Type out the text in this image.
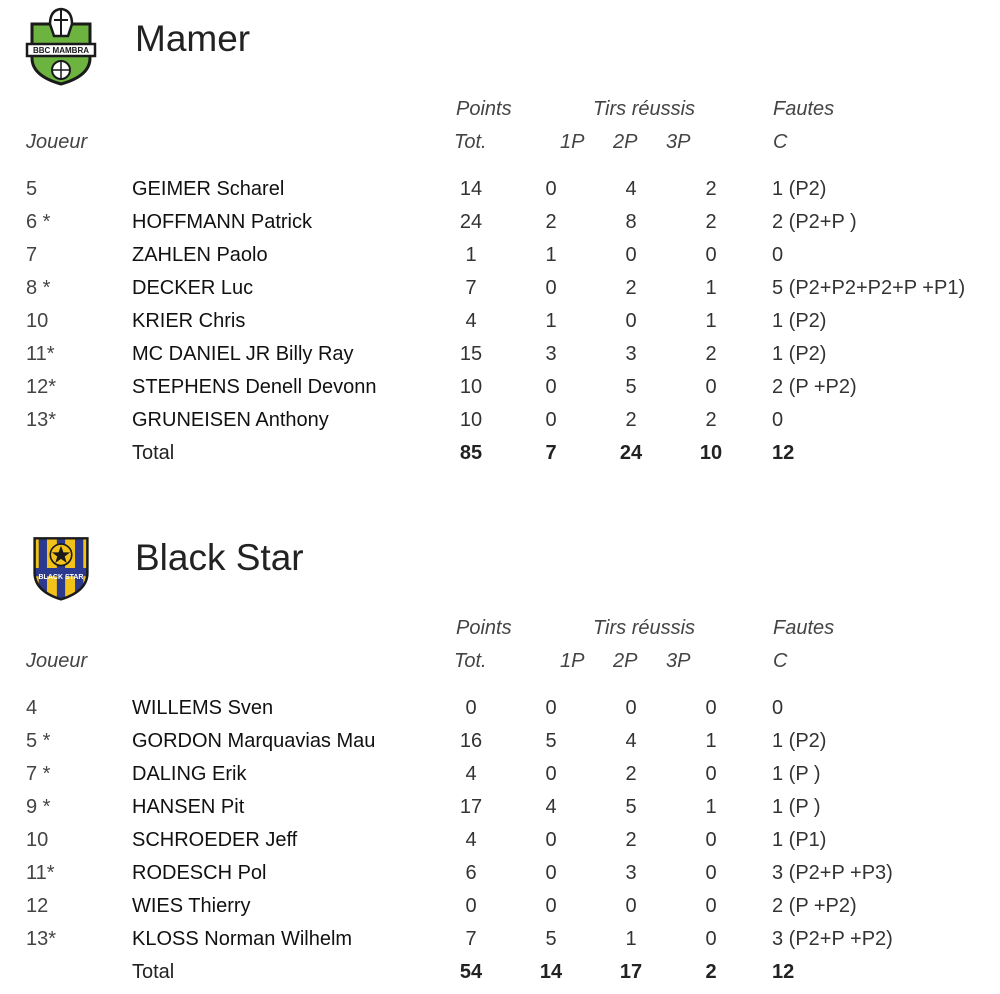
BBC MAMBRA Mamer
Points	Tirs réussis	Fautes
Joueur	Tot.	1P 2P 3P	C
5	GEIMER Scharel	14	0	4	2	1 (P2)
6 *	HOFFMANN Patrick	24	2	8	2	2 (P2+P )
7	ZAHLEN Paolo	1	1	0	0	0
8 *	DECKER Luc	7	0	2	1	5 (P2+P2+P2+P +P1)
10	KRIER Chris	4	1	0	1	1 (P2)
11*	MC DANIEL JR Billy Ray	15	3	3	2	1 (P2)
12*	STEPHENS Denell Devonn	10	0	5	0	2 (P +P2)
13*	GRUNEISEN Anthony	10	0	2	2	0
Total	85	7	24	10	12
BLACK STAR Black Star
Points	Tirs réussis	Fautes
Joueur	Tot.	1P 2P 3P	C
4	WILLEMS Sven	0	0	0	0	0
5 *	GORDON Marquavias Mau	16	5	4	1	1 (P2)
7 *	DALING Erik	4	0	2	0	1 (P )
9 *	HANSEN Pit	17	4	5	1	1 (P )
10	SCHROEDER Jeff	4	0	2	0	1 (P1)
11*	RODESCH Pol	6	0	3	0	3 (P2+P +P3)
12	WIES Thierry	0	0	0	0	2 (P +P2)
13*	KLOSS Norman Wilhelm	7	5	1	0	3 (P2+P +P2)
Total	54	14	17	2	12
